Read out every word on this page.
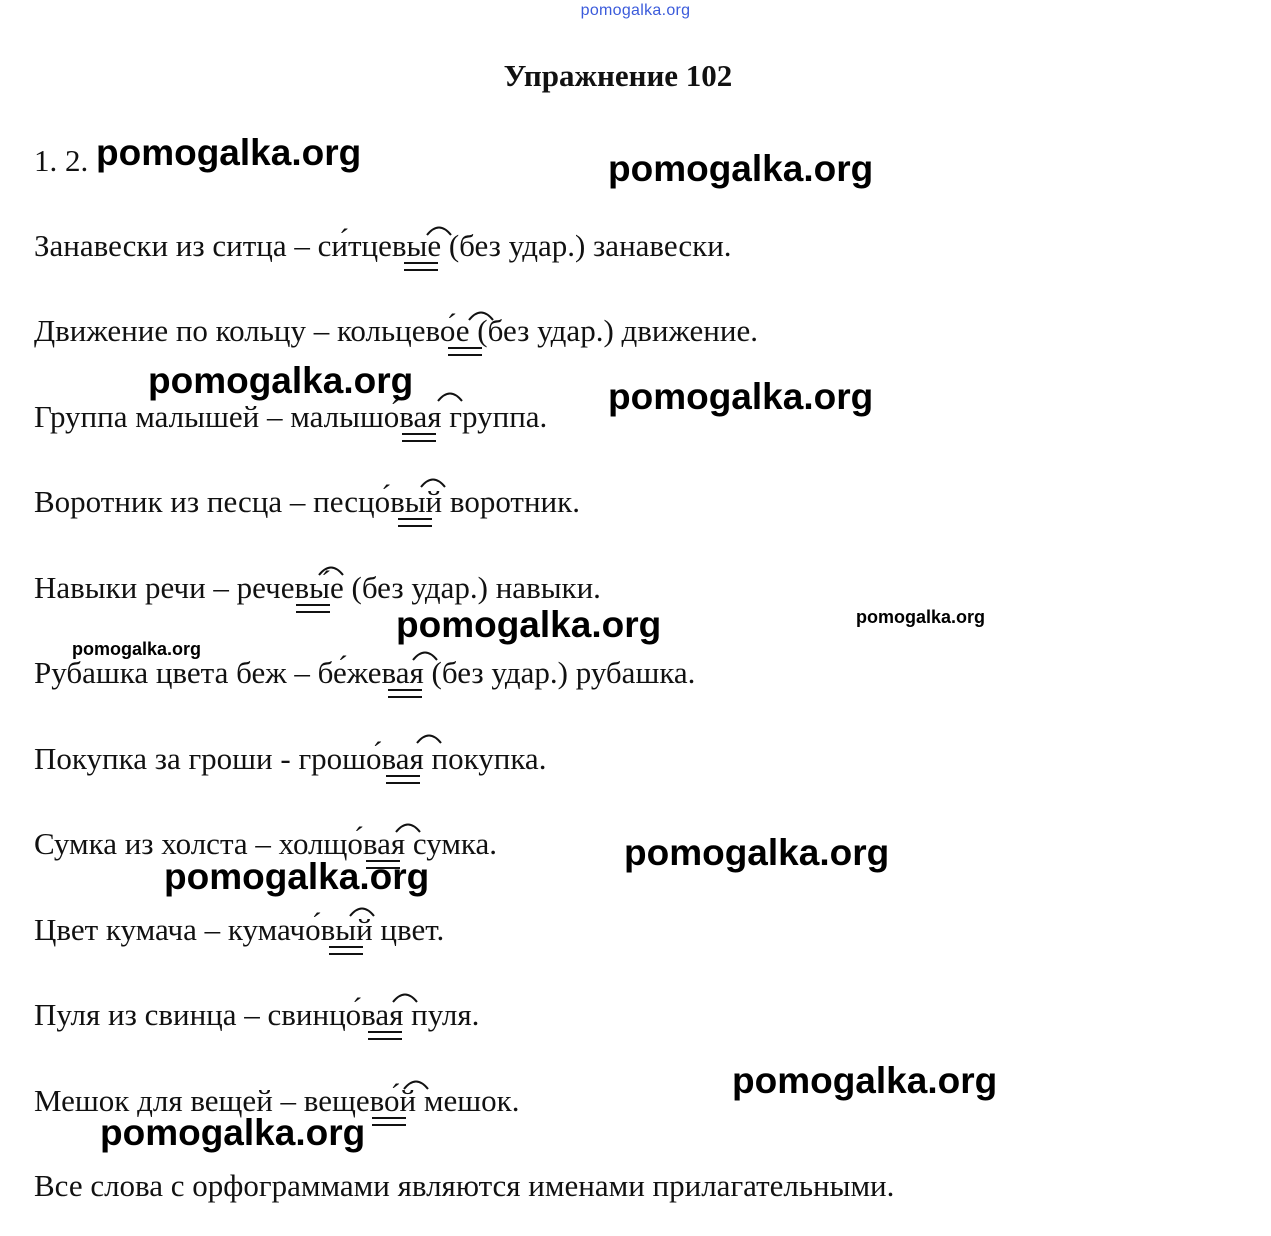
pomogalka.org
Упражнение 102
1. 2.
Занавески из ситца – си́тцевые (без удар.) занавески.
Движение по кольцу – кольцево́е (без удар.) движение.
Группа малышей – малышо́вая группа.
Воротник из песца – песцо́вый воротник.
Навыки речи – речевы́е (без удар.) навыки.
Рубашка цвета беж – бе́жевая (без удар.) рубашка.
Покупка за гроши - грошо́вая покупка.
Сумка из холста – холщо́вая сумка.
Цвет кумача – кумачо́вый цвет.
Пуля из свинца – свинцо́вая пуля.
Мешок для вещей – вещево́й мешок.
Все слова с орфограммами являются именами прилагательными.
pomogalka.org	pomogalka.org
pomogalka.org	pomogalka.org
pomogalka.org	pomogalka.org
pomogalka.org
pomogalka.org
pomogalka.org
pomogalka.org
pomogalka.org
